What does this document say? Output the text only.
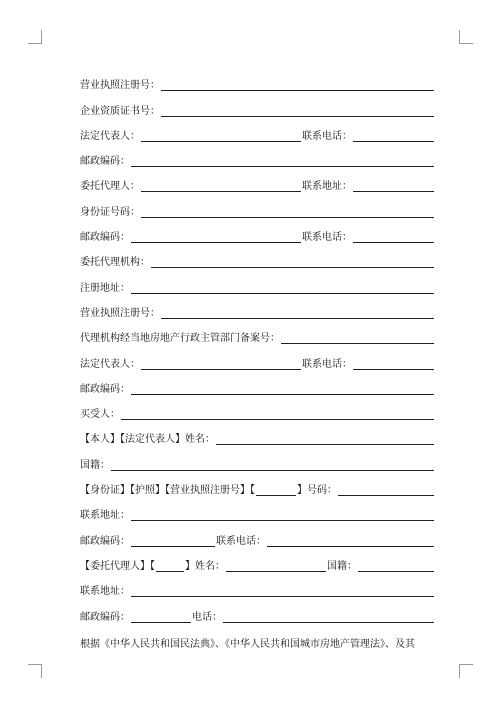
营业执照注册号：
企业资质证书号：
法定代表人：	联系电话：
邮政编码：
委托代理人：	联系地址：
身份证号码：
邮政编码：	联系电话：
委托代理机构：
注册地址：
营业执照注册号：
代理机构经当地房地产行政主管部门备案号：
法定代表人：	联系电话：
邮政编码：
买受人：
【本人】【法定代表人】姓名：
国籍：
【身份证】【护照】【营业执照注册号】【	】号码：
联系地址：
邮政编码：	联系电话：
【委托代理人】【	】姓名：	国籍：
联系地址：
邮政编码：	电话：
根据《中华人民共和国民法典》、《中华人民共和国城市房地产管理法》、及其
